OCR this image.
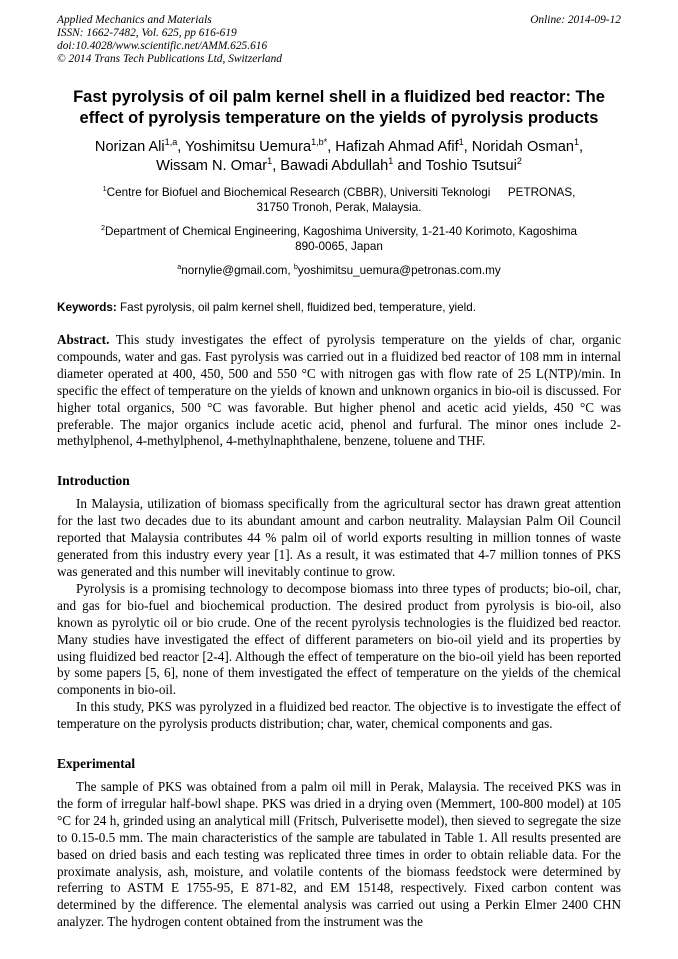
Applied Mechanics and Materials
ISSN: 1662-7482, Vol. 625, pp 616-619
doi:10.4028/www.scientific.net/AMM.625.616
© 2014 Trans Tech Publications Ltd, Switzerland
Online: 2014-09-12
Fast pyrolysis of oil palm kernel shell in a fluidized bed reactor: The
effect of pyrolysis temperature on the yields of pyrolysis products
Norizan Ali$^{1,a}$, Yoshimitsu Uemura$^{1,b*}$, Hafizah Ahmad Afif$^1$, Noridah Osman$^1$,
Wissam N. Omar$^1$, Bawadi Abdullah$^1$ and Toshio Tsutsui$^2$
$^1$Centre for Biofuel and Biochemical Research (CBBR), Universiti Teknologi  PETRONAS,
31750 Tronoh, Perak, Malaysia.
$^2$Department of Chemical Engineering, Kagoshima University, 1-21-40 Korimoto, Kagoshima
890-0065, Japan
$^a$nornylie@gmail.com, $^b$yoshimitsu_uemura@petronas.com.my
Keywords: Fast pyrolysis, oil palm kernel shell, fluidized bed, temperature, yield.

Abstract. This study investigates the effect of pyrolysis temperature on the yields of char, organic compounds, water and gas. Fast pyrolysis was carried out in a fluidized bed reactor of 108 mm in internal diameter operated at 400, 450, 500 and 550 °C with nitrogen gas with flow rate of 25 L(NTP)/min. In specific the effect of temperature on the yields of known and unknown organics in bio-oil is discussed. For higher total organics, 500 °C was favorable. But higher phenol and acetic acid yields, 450 °C was preferable. The major organics include acetic acid, phenol and furfural. The minor ones include 2-methylphenol, 4-methylphenol, 4-methylnaphthalene, benzene, toluene and THF.

Introduction

In Malaysia, utilization of biomass specifically from the agricultural sector has drawn great attention for the last two decades due to its abundant amount and carbon neutrality. Malaysian Palm Oil Council reported that Malaysia contributes 44 % palm oil of world exports resulting in million tonnes of waste generated from this industry every year [1]. As a result, it was estimated that 4-7 million tonnes of PKS was generated and this number will inevitably continue to grow.

Pyrolysis is a promising technology to decompose biomass into three types of products; bio-oil, char, and gas for bio-fuel and biochemical production. The desired product from pyrolysis is bio-oil, also known as pyrolytic oil or bio crude. One of the recent pyrolysis technologies is the fluidized bed reactor. Many studies have investigated the effect of different parameters on bio-oil yield and its properties by using fluidized bed reactor [2-4]. Although the effect of temperature on the bio-oil yield has been reported by some papers [5, 6], none of them investigated the effect of temperature on the yields of the chemical components in bio-oil.

In this study, PKS was pyrolyzed in a fluidized bed reactor. The objective is to investigate the effect of temperature on the pyrolysis products distribution; char, water, chemical components and gas.

Experimental

The sample of PKS was obtained from a palm oil mill in Perak, Malaysia. The received PKS was in the form of irregular half-bowl shape. PKS was dried in a drying oven (Memmert, 100-800 model) at 105 °C for 24 h, grinded using an analytical mill (Fritsch, Pulverisette model), then sieved to segregate the size to 0.15-0.5 mm. The main characteristics of the sample are tabulated in Table 1. All results presented are based on dried basis and each testing was replicated three times in order to obtain reliable data. For the proximate analysis, ash, moisture, and volatile contents of the biomass feedstock were determined by referring to ASTM E 1755-95, E 871-82, and EM 15148, respectively. Fixed carbon content was determined by the difference. The elemental analysis was carried out using a Perkin Elmer 2400 CHN analyzer. The hydrogen content obtained from the instrument was the
